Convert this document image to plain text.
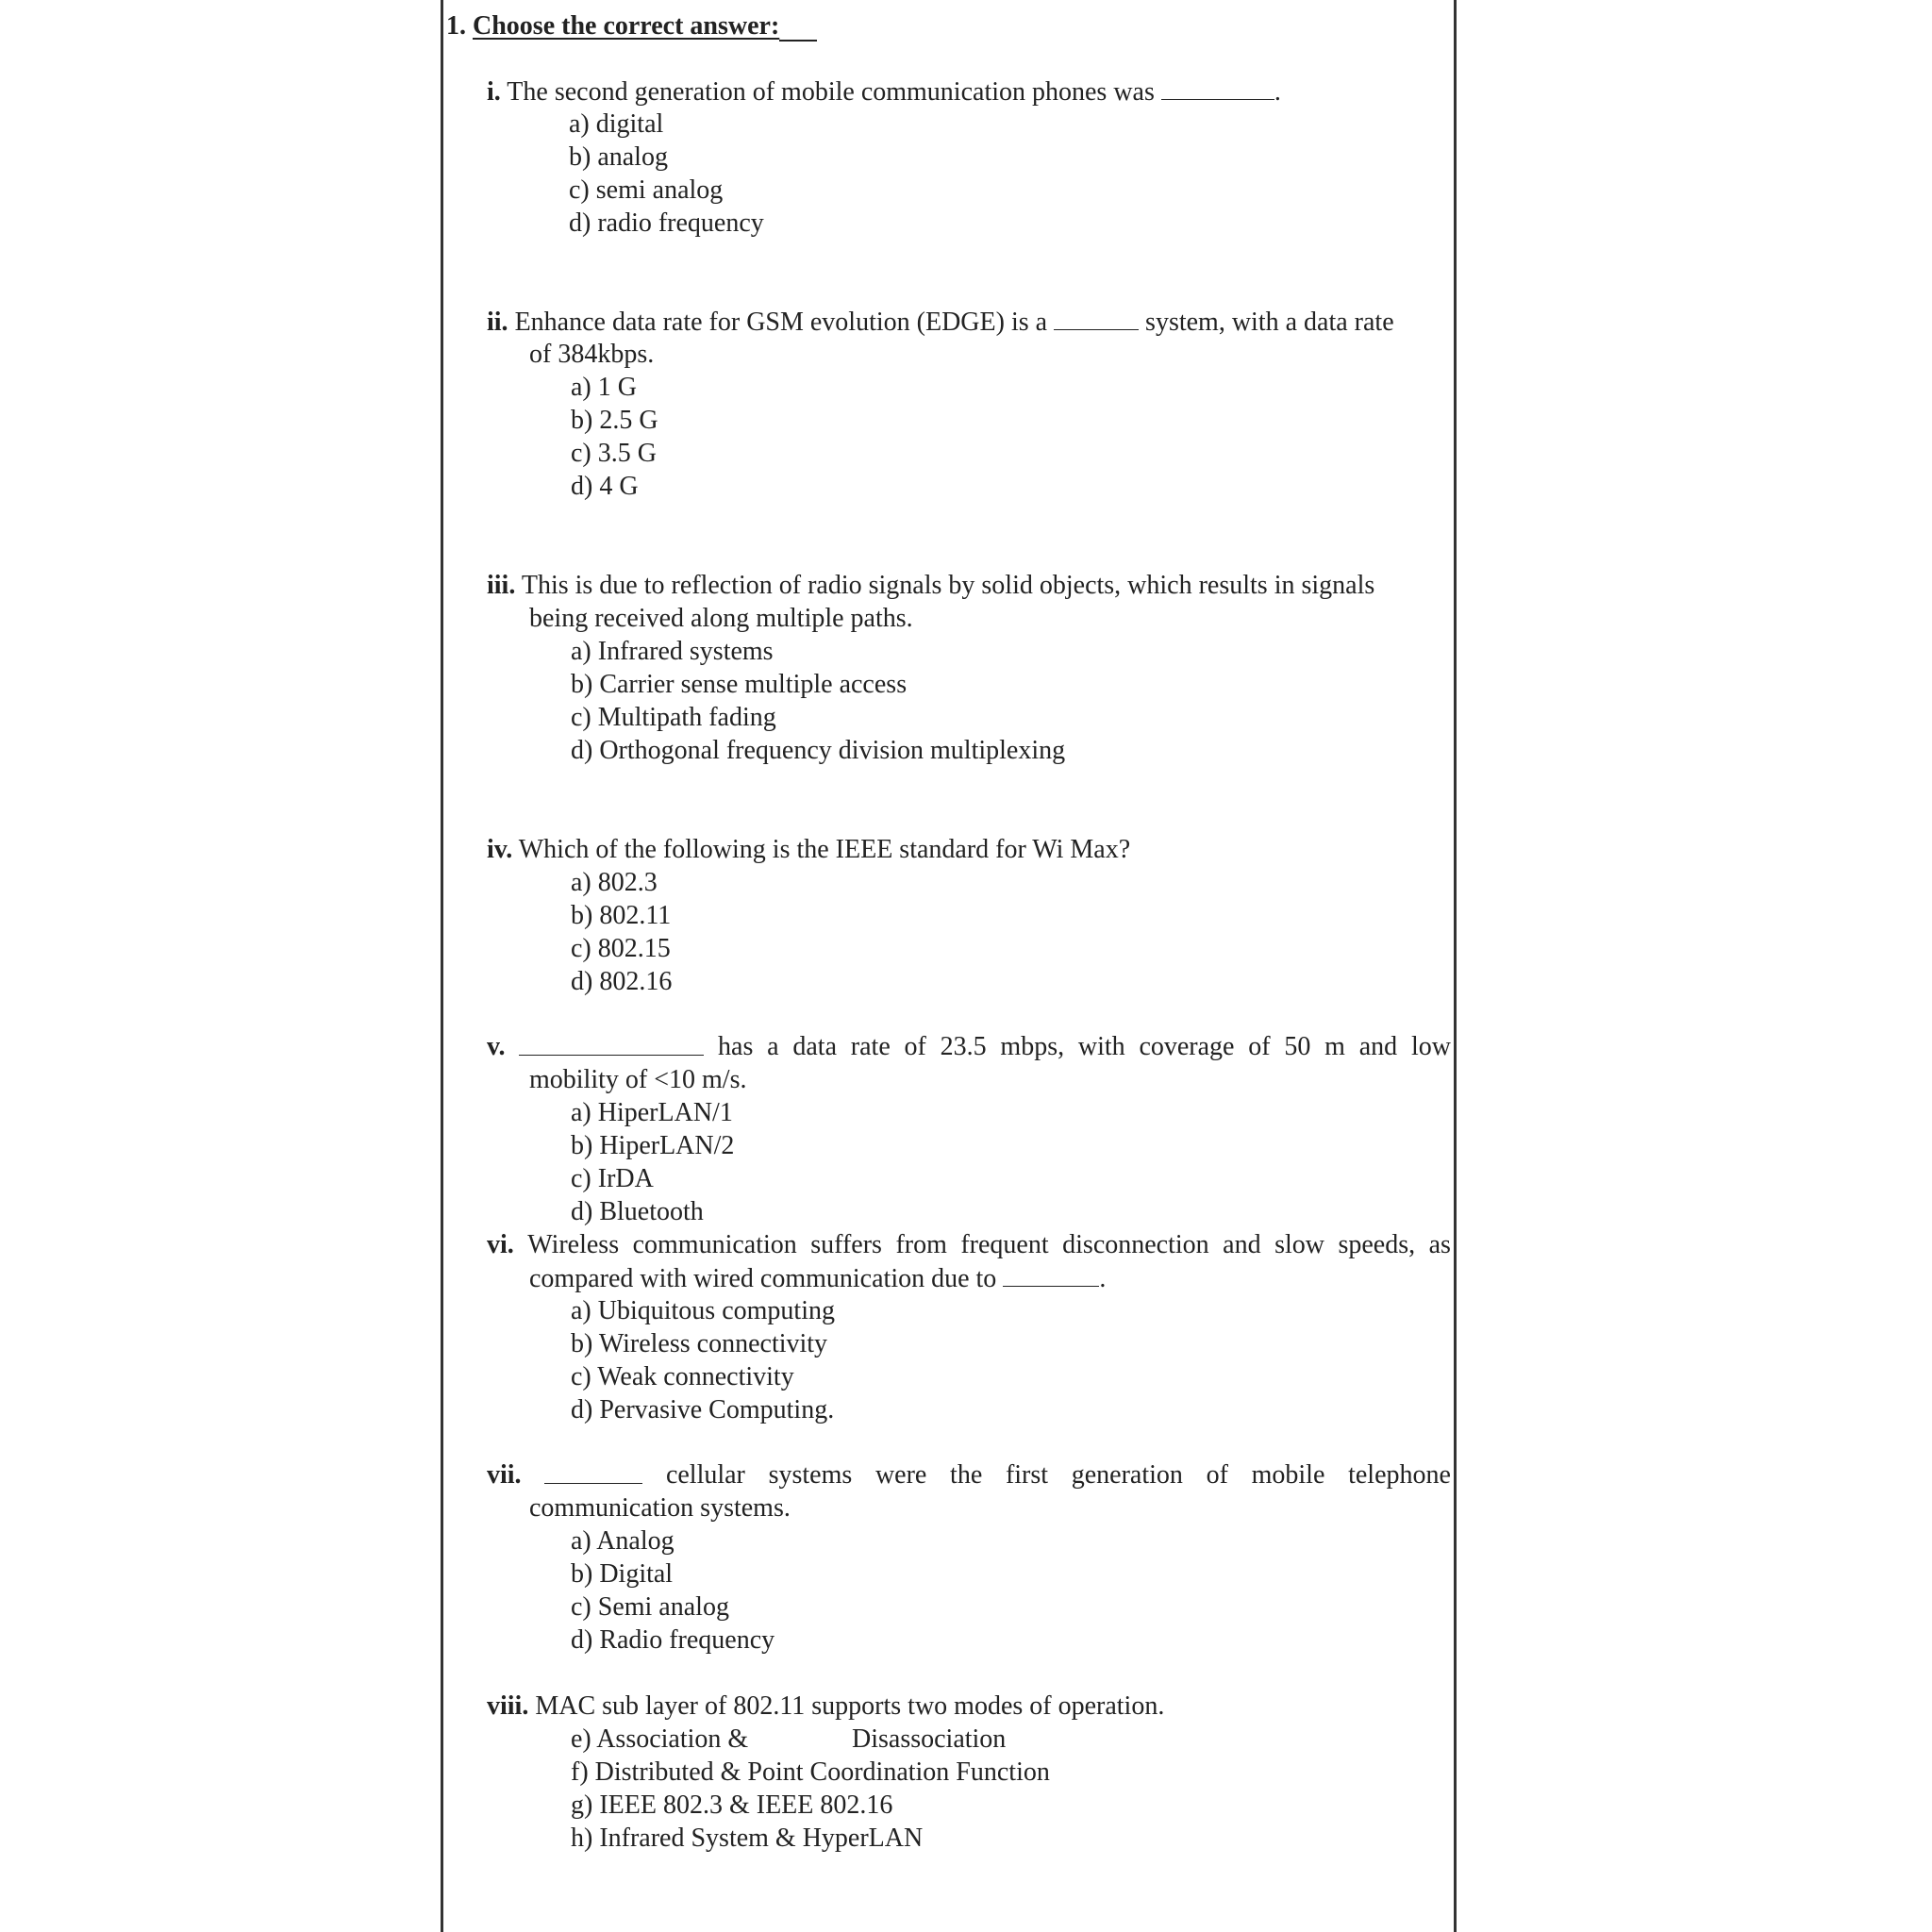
1. Choose the correct answer:
i. The second generation of mobile communication phones was	.
a) digital
b) analog
c) semi analog
d) radio frequency
ii. Enhance data rate for GSM evolution (EDGE) is a	system, with a data rate
of 384kbps.
a) 1 G
b) 2.5 G
c) 3.5 G
d) 4 G
iii. This is due to reflection of radio signals by solid objects, which results in signals
being received along multiple paths.
a) Infrared systems
b) Carrier sense multiple access
c) Multipath fading
d) Orthogonal frequency division multiplexing
iv. Which of the following is the IEEE standard for Wi Max?
a) 802.3
b) 802.11
c) 802.15
d) 802.16
v.	has a data rate of 23.5 mbps, with coverage of 50 m and low
mobility of <10 m/s.
a) HiperLAN/1
b) HiperLAN/2
c) IrDA
d) Bluetooth
vi. Wireless communication suffers from frequent disconnection and slow speeds, as
compared with wired communication due to	.
a) Ubiquitous computing
b) Wireless connectivity
c) Weak connectivity
d) Pervasive Computing.
vii.	cellular systems were the first generation of mobile telephone
communication systems.
a) Analog
b) Digital
c) Semi analog
d) Radio frequency
viii. MAC sub layer of 802.11 supports two modes of operation.
e) Association &	Disassociation
f) Distributed & Point Coordination Function
g) IEEE 802.3 & IEEE 802.16
h) Infrared System & HyperLAN
